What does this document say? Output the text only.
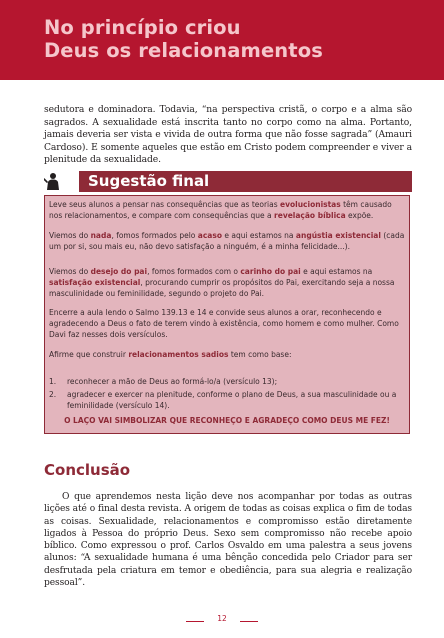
No princípio criou
Deus os relacionamentos

sedutora e dominadora. Todavia, “na perspectiva cristã, o corpo e a alma são sagrados. A sexualidade está inscrita tanto no corpo como na alma. Portanto, jamais deveria ser vista e vivida de outra forma que não fosse sagrada” (Amauri Cardoso). E somente aqueles que estão em Cristo podem compreender e viver a plenitude da sexualidade.

Sugestão final

Leve seus alunos a pensar nas consequências que as teorias evolucionistas têm causado nos relacionamentos, e compare com consequências que a revelação bíblica expõe.

Viemos do nada, fomos formados pelo acaso e aqui estamos na angústia existencial (cada um por si, sou mais eu, não devo satisfação a ninguém, é a minha felicidade...).

Viemos do desejo do pai, fomos formados com o carinho do pai e aqui estamos na satisfação existencial, procurando cumprir os propósitos do Pai, exercitando seja a nossa masculinidade ou feminilidade, segundo o projeto do Pai.

Encerre a aula lendo o Salmo 139.13 e 14 e convide seus alunos a orar, reconhecendo e agradecendo a Deus o fato de terem vindo à existência, como homem e como mulher. Como Davi faz nesses dois versículos.

Afirme que construir relacionamentos sadios tem como base:

1. reconhecer a mão de Deus ao formá-lo/a (versículo 13);
2. agradecer e exercer na plenitude, conforme o plano de Deus, a sua masculinidade ou a feminilidade (versículo 14).

O LAÇO VAI SIMBOLIZAR QUE RECONHEÇO E AGRADEÇO COMO DEUS ME FEZ!

Conclusão

O que aprendemos nesta lição deve nos acompanhar por todas as outras lições até o final desta revista. A origem de todas as coisas explica o fim de todas as coisas. Sexualidade, relacionamentos e compromisso estão diretamente ligados à Pessoa do próprio Deus. Sexo sem compromisso não recebe apoio bíblico. Como expressou o prof. Carlos Osvaldo em uma palestra a seus jovens alunos: “A sexualidade humana é uma bênção concedida pelo Criador para ser desfrutada pela criatura em temor e obediência, para sua alegria e realização pessoal”.

12
